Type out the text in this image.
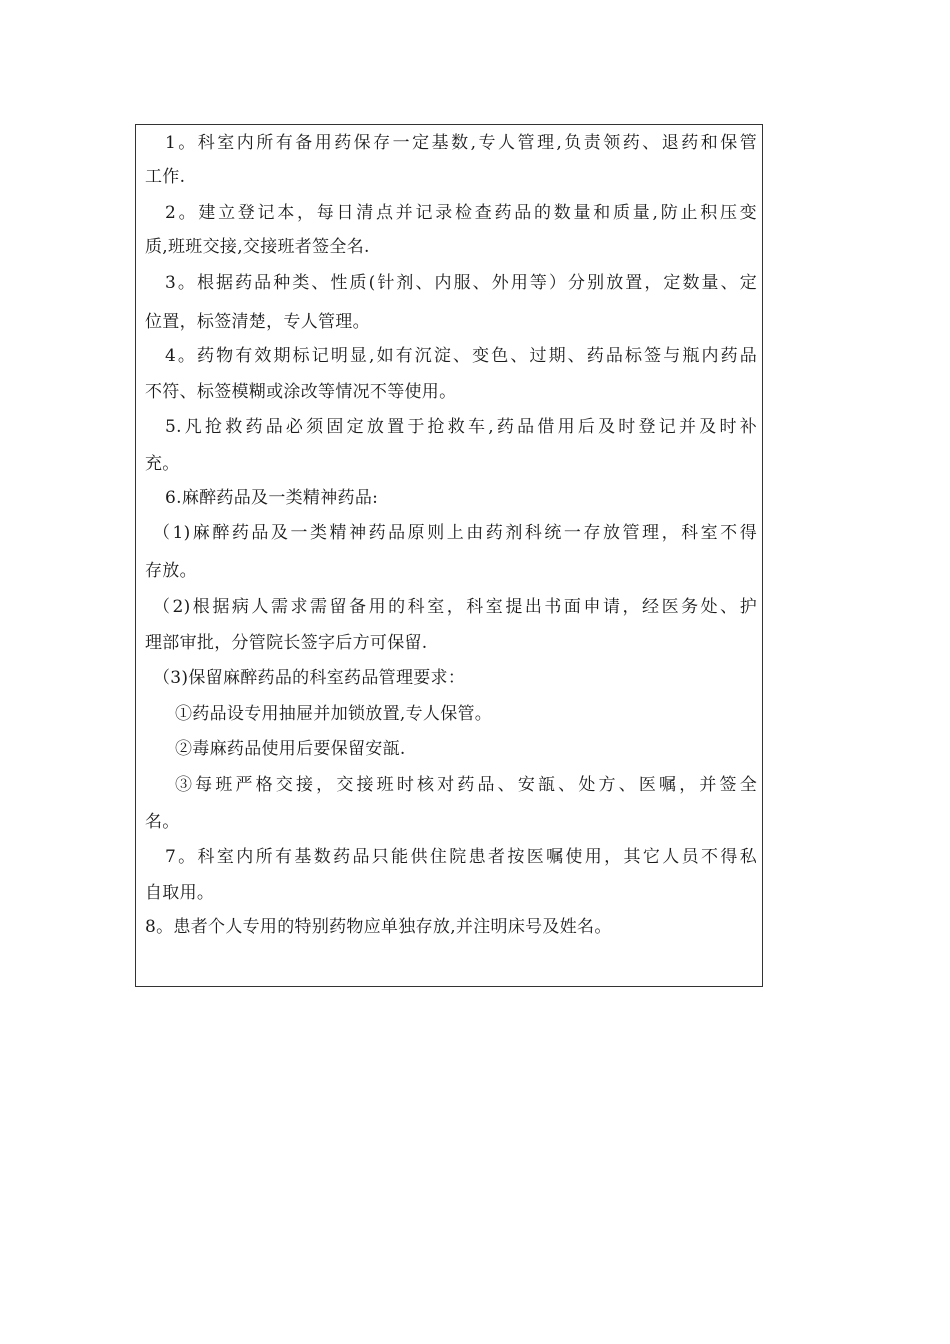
1。科室内所有备用药保存一定基数,专人管理,负责领药、退药和保管
工作.
2。建立登记本，每日清点并记录检查药品的数量和质量,防止积压变
质,班班交接,交接班者签全名.
3。根据药品种类、性质(针剂、内服、外用等）分别放置，定数量、定
位置，标签清楚，专人管理。
4。药物有效期标记明显,如有沉淀、变色、过期、药品标签与瓶内药品
不符、标签模糊或涂改等情况不等使用。
5.凡抢救药品必须固定放置于抢救车,药品借用后及时登记并及时补
充。
6.麻醉药品及一类精神药品:
（1)麻醉药品及一类精神药品原则上由药剂科统一存放管理，科室不得
存放。
（2)根据病人需求需留备用的科室，科室提出书面申请，经医务处、护
理部审批，分管院长签字后方可保留.
（3)保留麻醉药品的科室药品管理要求：
①药品设专用抽屉并加锁放置,专人保管。
②毒麻药品使用后要保留安瓿.
③每班严格交接，交接班时核对药品、安瓿、处方、医嘱，并签全
名。
7。科室内所有基数药品只能供住院患者按医嘱使用，其它人员不得私
自取用。
8。患者个人专用的特别药物应单独存放,并注明床号及姓名。
